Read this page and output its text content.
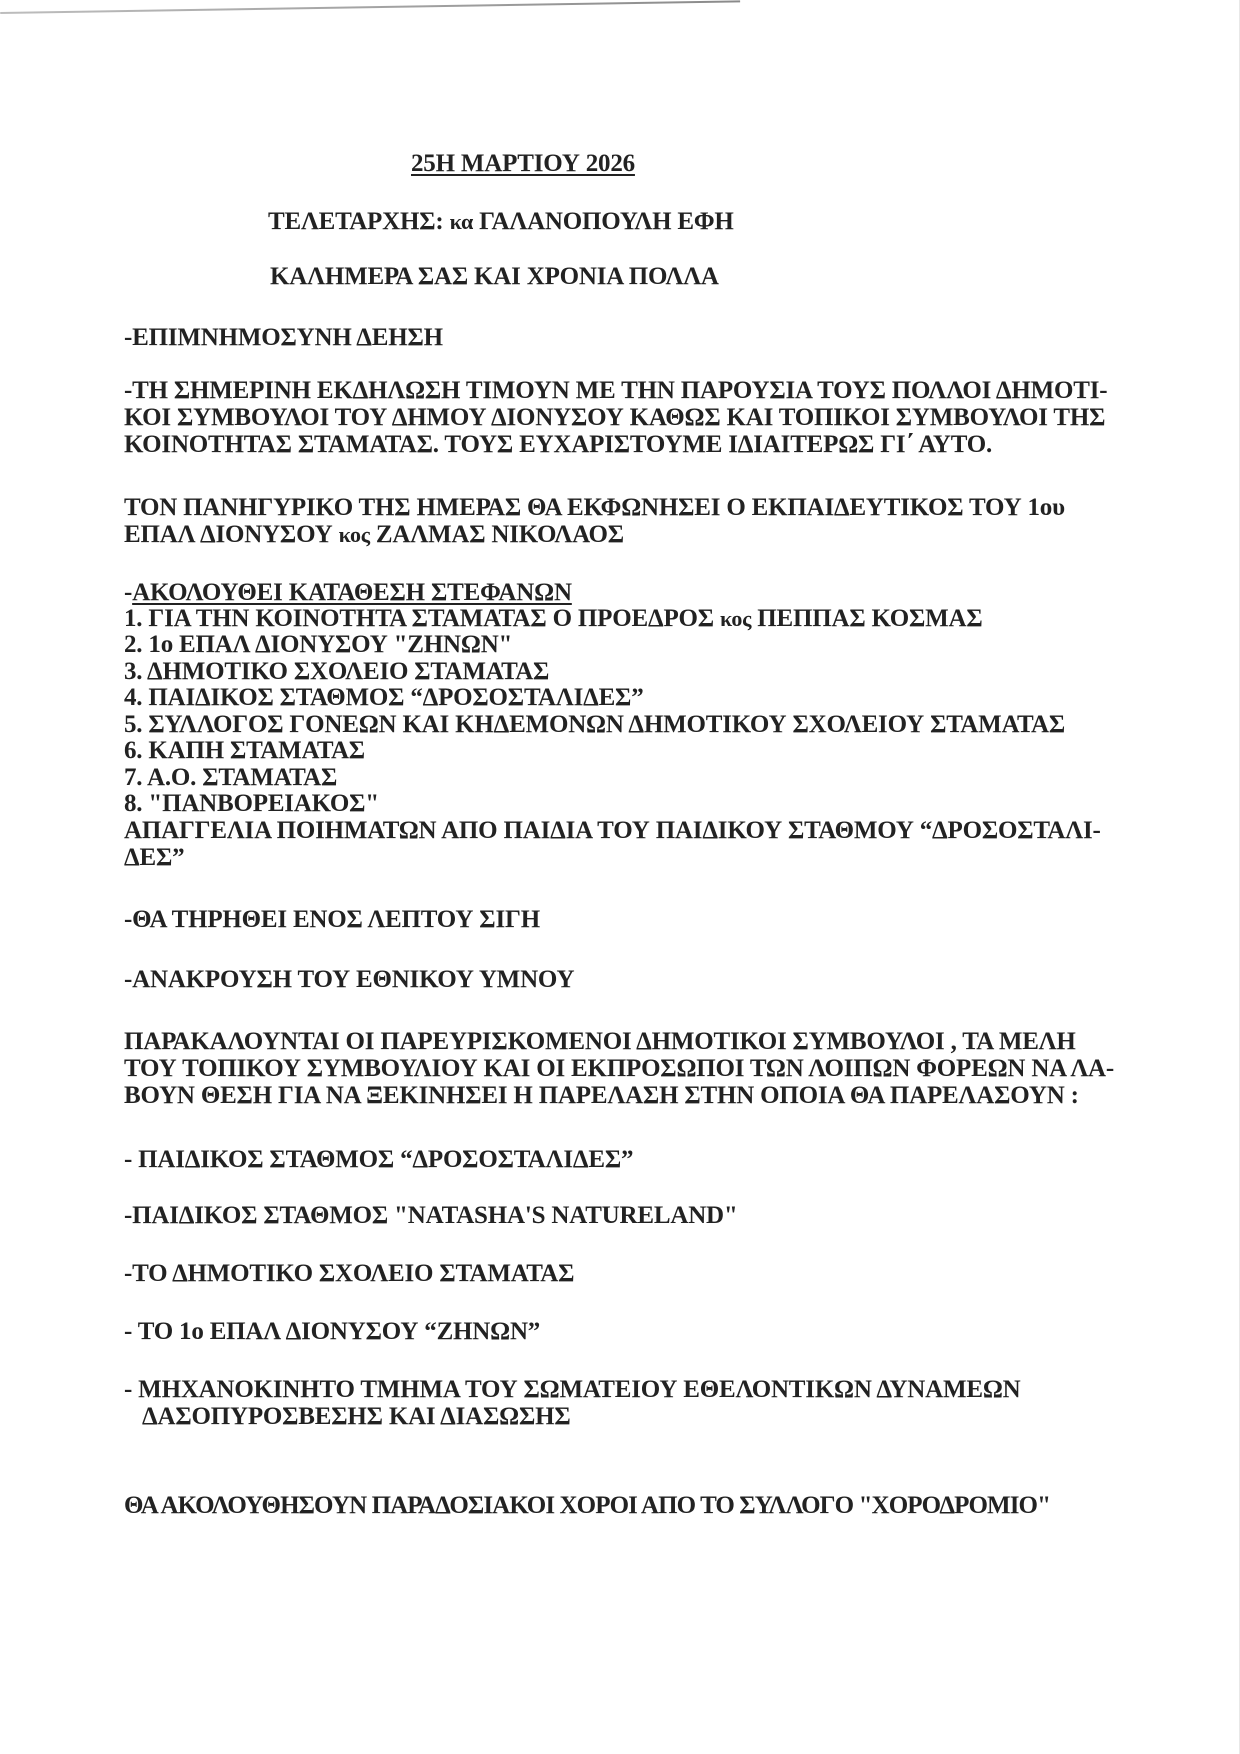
25Η ΜΑΡΤΙΟΥ 2026
ΤΕΛΕΤΑΡΧΗΣ: κα ΓΑΛΑΝΟΠΟΥΛΗ ΕΦΗ
ΚΑΛΗΜΕΡΑ ΣΑΣ ΚΑΙ ΧΡΟΝΙΑ ΠΟΛΛΑ
-ΕΠΙΜΝΗΜΟΣΥΝΗ ΔΕΗΣΗ
-ΤΗ ΣΗΜΕΡΙΝΗ ΕΚΔΗΛΩΣΗ ΤΙΜΟΥΝ ΜΕ ΤΗΝ ΠΑΡΟΥΣΙΑ ΤΟΥΣ ΠΟΛΛΟΙ ΔΗΜΟΤΙ-
ΚΟΙ ΣΥΜΒΟΥΛΟΙ ΤΟΥ ΔΗΜΟΥ ΔΙΟΝΥΣΟΥ ΚΑΘΩΣ ΚΑΙ ΤΟΠΙΚΟΙ ΣΥΜΒΟΥΛΟΙ ΤΗΣ
ΚΟΙΝΟΤΗΤΑΣ ΣΤΑΜΑΤΑΣ. ΤΟΥΣ ΕΥΧΑΡΙΣΤΟΥΜΕ ΙΔΙΑΙΤΕΡΩΣ ΓΙ΄ ΑΥΤΟ.
ΤΟΝ ΠΑΝΗΓΥΡΙΚΟ ΤΗΣ ΗΜΕΡΑΣ ΘΑ ΕΚΦΩΝΗΣΕΙ Ο ΕΚΠΑΙΔΕΥΤΙΚΟΣ ΤΟΥ 1ου
ΕΠΑΛ ΔΙΟΝΥΣΟΥ κος ΖΑΛΜΑΣ ΝΙΚΟΛΑΟΣ
-ΑΚΟΛΟΥΘΕΙ ΚΑΤΑΘΕΣΗ ΣΤΕΦΑΝΩΝ
1. ΓΙΑ ΤΗΝ ΚΟΙΝΟΤΗΤΑ ΣΤΑΜΑΤΑΣ Ο ΠΡΟΕΔΡΟΣ κος ΠΕΠΠΑΣ ΚΟΣΜΑΣ
2. 1ο ΕΠΑΛ ΔΙΟΝΥΣΟΥ "ΖΗΝΩΝ"
3. ΔΗΜΟΤΙΚΟ ΣΧΟΛΕΙΟ ΣΤΑΜΑΤΑΣ
4. ΠΑΙΔΙΚΟΣ ΣΤΑΘΜΟΣ “ΔΡΟΣΟΣΤΑΛΙΔΕΣ”
5. ΣΥΛΛΟΓΟΣ ΓΟΝΕΩΝ ΚΑΙ ΚΗΔΕΜΟΝΩΝ ΔΗΜΟΤΙΚΟΥ ΣΧΟΛΕΙΟΥ ΣΤΑΜΑΤΑΣ
6. ΚΑΠΗ ΣΤΑΜΑΤΑΣ
7. Α.Ο. ΣΤΑΜΑΤΑΣ
8. "ΠΑΝΒΟΡΕΙΑΚΟΣ"
ΑΠΑΓΓΕΛΙΑ ΠΟΙΗΜΑΤΩΝ ΑΠΟ ΠΑΙΔΙΑ ΤΟΥ ΠΑΙΔΙΚΟΥ ΣΤΑΘΜΟΥ “ΔΡΟΣΟΣΤΑΛΙ-
ΔΕΣ”
-ΘΑ ΤΗΡΗΘΕΙ ΕΝΟΣ ΛΕΠΤΟΥ ΣΙΓΗ
-ΑΝΑΚΡΟΥΣΗ ΤΟΥ ΕΘΝΙΚΟΥ ΥΜΝΟΥ
ΠΑΡΑΚΑΛΟΥΝΤΑΙ ΟΙ ΠΑΡΕΥΡΙΣΚΟΜΕΝΟΙ ΔΗΜΟΤΙΚΟΙ ΣΥΜΒΟΥΛΟΙ , ΤΑ ΜΕΛΗ
ΤΟΥ ΤΟΠΙΚΟΥ ΣΥΜΒΟΥΛΙΟΥ ΚΑΙ ΟΙ ΕΚΠΡΟΣΩΠΟΙ ΤΩΝ ΛΟΙΠΩΝ ΦΟΡΕΩΝ ΝΑ ΛΑ-
ΒΟΥΝ ΘΕΣΗ ΓΙΑ ΝΑ ΞΕΚΙΝΗΣΕΙ Η ΠΑΡΕΛΑΣΗ ΣΤΗΝ ΟΠΟΙΑ ΘΑ ΠΑΡΕΛΑΣΟΥΝ :
- ΠΑΙΔΙΚΟΣ ΣΤΑΘΜΟΣ “ΔΡΟΣΟΣΤΑΛΙΔΕΣ”
-ΠΑΙΔΙΚΟΣ ΣΤΑΘΜΟΣ "NATASHA'S NATURELAND"
-ΤΟ ΔΗΜΟΤΙΚΟ ΣΧΟΛΕΙΟ ΣΤΑΜΑΤΑΣ
- ΤΟ 1ο ΕΠΑΛ ΔΙΟΝΥΣΟΥ “ΖΗΝΩΝ”
- ΜΗΧΑΝΟΚΙΝΗΤΟ ΤΜΗΜΑ ΤΟΥ ΣΩΜΑΤΕΙΟΥ ΕΘΕΛΟΝΤΙΚΩΝ ΔΥΝΑΜΕΩΝ
ΔΑΣΟΠΥΡΟΣΒΕΣΗΣ ΚΑΙ ΔΙΑΣΩΣΗΣ
ΘΑ ΑΚΟΛΟΥΘΗΣΟΥΝ ΠΑΡΑΔΟΣΙΑΚΟΙ ΧΟΡΟΙ ΑΠΟ ΤΟ ΣΥΛΛΟΓΟ "ΧΟΡΟΔΡΟΜΙΟ"
